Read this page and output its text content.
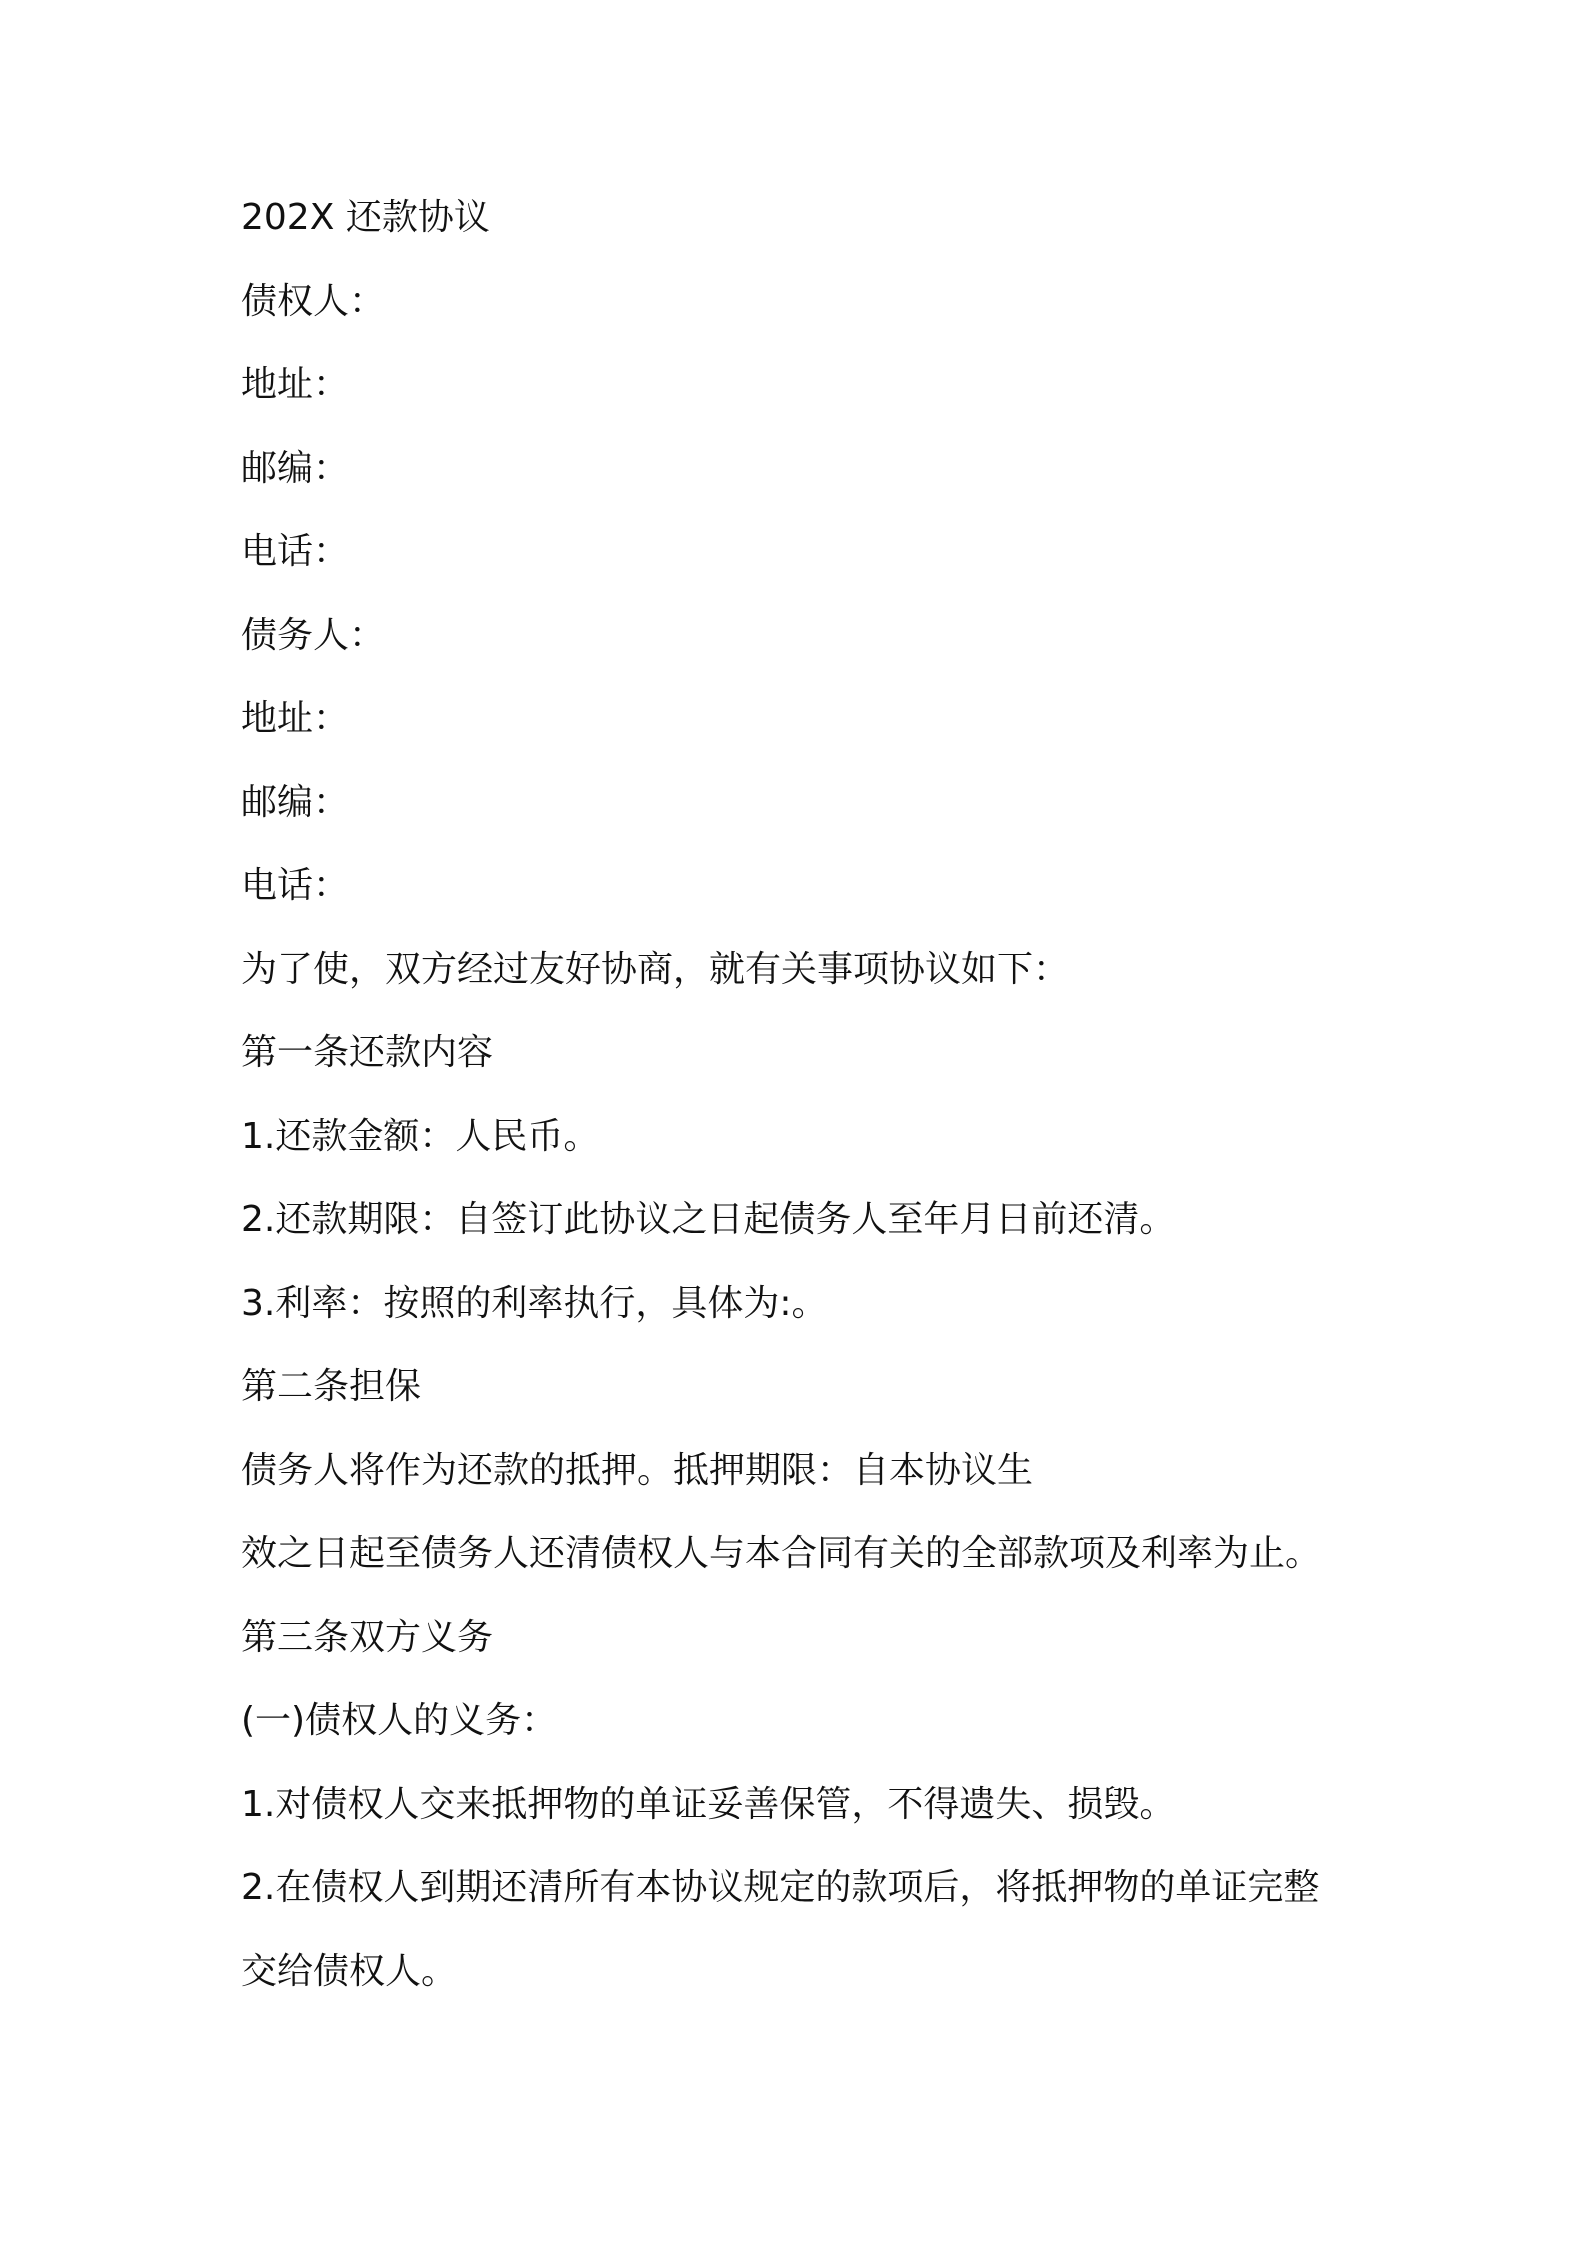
202X 还款协议
债权人：
地址：
邮编：
电话：
债务人：
地址：
邮编：
电话：
为了使，双方经过友好协商，就有关事项协议如下：
第一条还款内容
1.还款金额：人民币。
2.还款期限：自签订此协议之日起债务人至年月日前还清。
3.利率：按照的利率执行，具体为:。
第二条担保
债务人将作为还款的抵押。抵押期限：自本协议生
效之日起至债务人还清债权人与本合同有关的全部款项及利率为止。
第三条双方义务
(一)债权人的义务：
1.对债权人交来抵押物的单证妥善保管，不得遗失、损毁。
2.在债权人到期还清所有本协议规定的款项后，将抵押物的单证完整
交给债权人。
